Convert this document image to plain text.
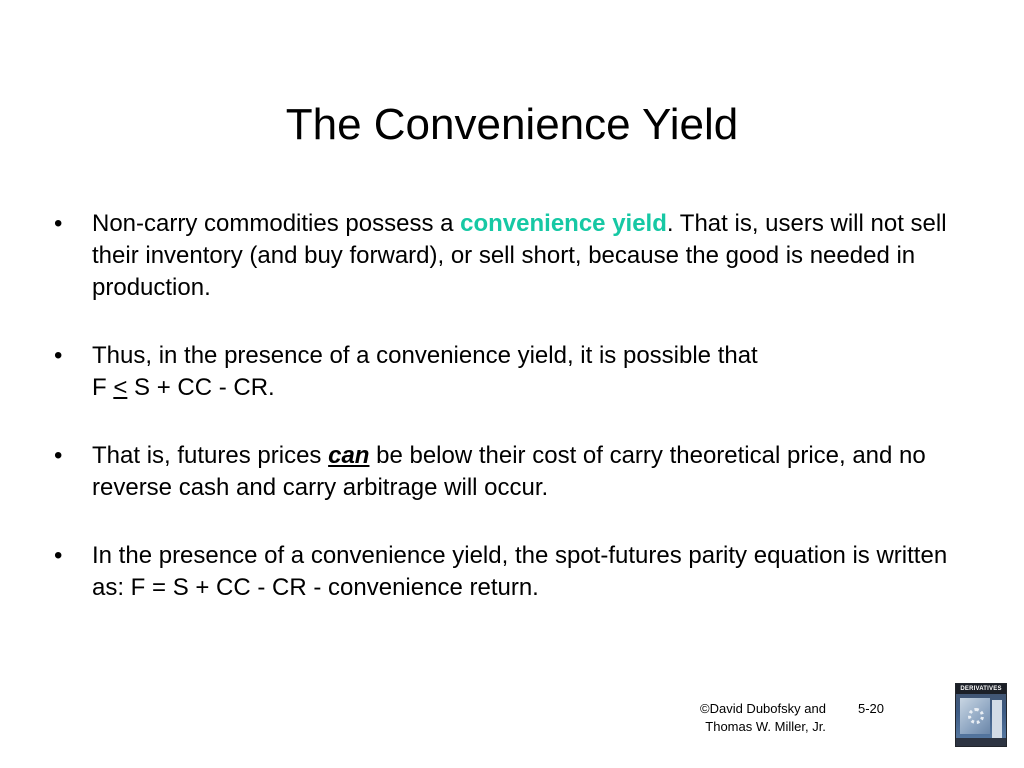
The Convenience Yield
• Non-carry commodities possess a convenience yield. That is, users will not sell their inventory (and buy forward), or sell short, because the good is needed in production.
• Thus, in the presence of a convenience yield, it is possible that
F ≤ S + CC - CR.
• That is, futures prices can be below their cost of carry theoretical price, and no reverse cash and carry arbitrage will occur.
• In the presence of a convenience yield, the spot-futures parity equation is written as: F = S + CC - CR - convenience return.
©David Dubofsky and
Thomas W. Miller, Jr.
5-20
DERIVATIVES
